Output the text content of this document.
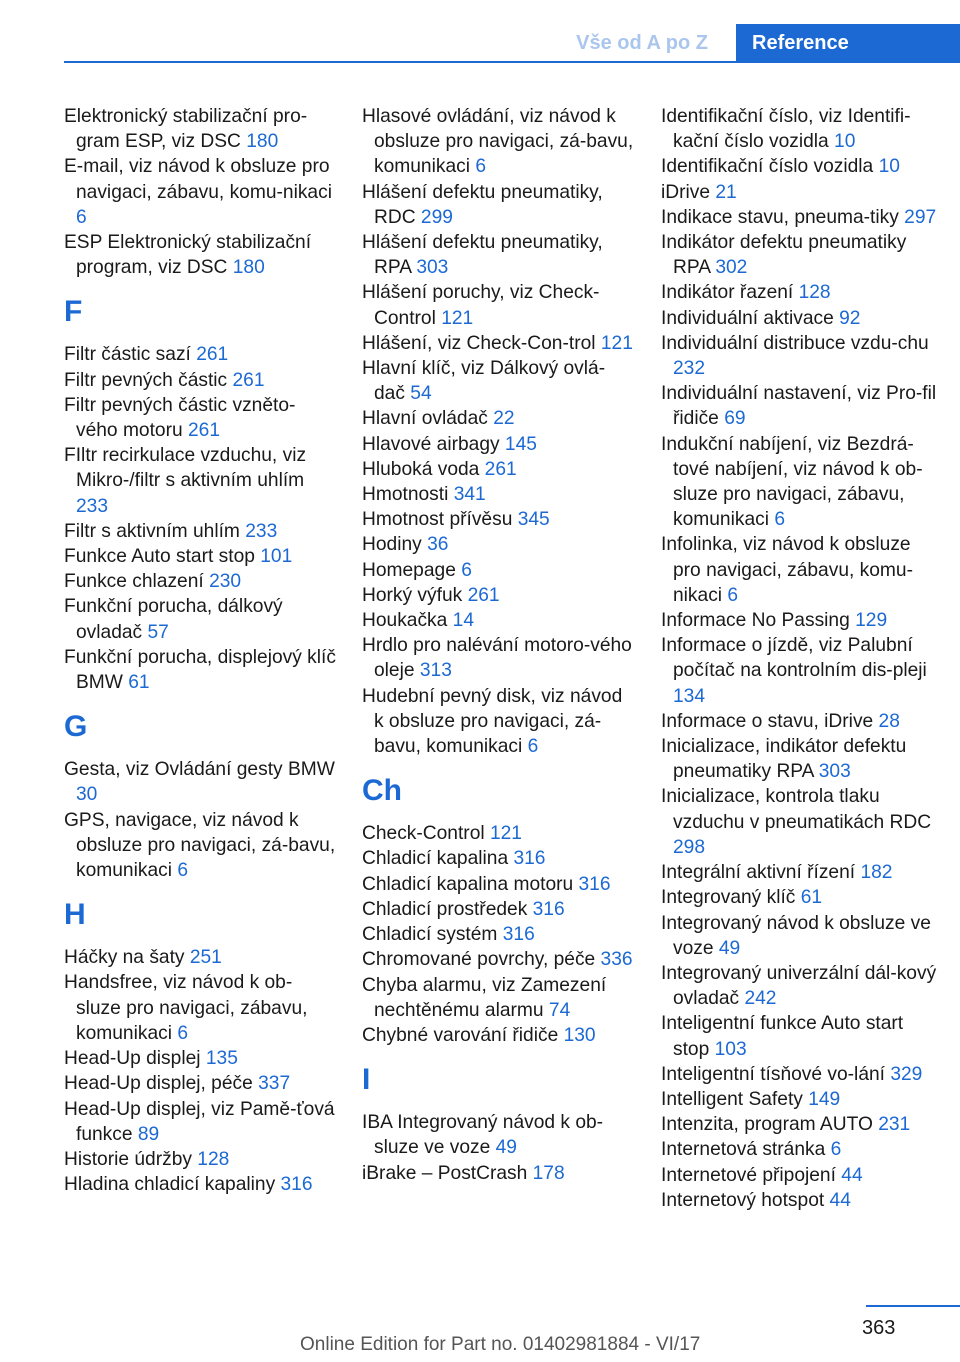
Vše od A po Z	Reference
Elektronický stabilizační pro-gram ESP, viz DSC 180
E-mail, viz návod k obsluze pro navigaci, zábavu, komu-nikaci 6
ESP Elektronický stabilizační program, viz DSC 180
F
Filtr částic sazí 261
Filtr pevných částic 261
Filtr pevných částic vzněto-vého motoru 261
FIltr recirkulace vzduchu, viz Mikro-/filtr s aktivním uhlím 233
Filtr s aktivním uhlím 233
Funkce Auto start stop 101
Funkce chlazení 230
Funkční porucha, dálkový ovladač 57
Funkční porucha, displejový klíč BMW 61
G
Gesta, viz Ovládání gesty BMW 30
GPS, navigace, viz návod k obsluze pro navigaci, zá-bavu, komunikaci 6
H
Háčky na šaty 251
Handsfree, viz návod k ob-sluze pro navigaci, zábavu, komunikaci 6
Head-Up displej 135
Head-Up displej, péče 337
Head-Up displej, viz Pamě-ťová funkce 89
Historie údržby 128
Hladina chladicí kapaliny 316
Hlasové ovládání, viz návod k obsluze pro navigaci, zá-bavu, komunikaci 6
Hlášení defektu pneumatiky, RDC 299
Hlášení defektu pneumatiky, RPA 303
Hlášení poruchy, viz Check-Control 121
Hlášení, viz Check-Con-trol 121
Hlavní klíč, viz Dálkový ovlá-dač 54
Hlavní ovládač 22
Hlavové airbagy 145
Hluboká voda 261
Hmotnosti 341
Hmotnost přívěsu 345
Hodiny 36
Homepage 6
Horký výfuk 261
Houkačka 14
Hrdlo pro nalévání motoro-vého oleje 313
Hudební pevný disk, viz návod k obsluze pro navigaci, zá-bavu, komunikaci 6
Ch
Check-Control 121
Chladicí kapalina 316
Chladicí kapalina motoru 316
Chladicí prostředek 316
Chladicí systém 316
Chromované povrchy, péče 336
Chyba alarmu, viz Zamezení nechtěnému alarmu 74
Chybné varování řidiče 130
I
IBA Integrovaný návod k ob-sluze ve voze 49
iBrake – PostCrash 178
Identifikační číslo, viz Identifi-kační číslo vozidla 10
Identifikační číslo vozidla 10
iDrive 21
Indikace stavu, pneuma-tiky 297
Indikátor defektu pneumatiky RPA 302
Indikátor řazení 128
Individuální aktivace 92
Individuální distribuce vzdu-chu 232
Individuální nastavení, viz Pro-fil řidiče 69
Indukční nabíjení, viz Bezdrá-tové nabíjení, viz návod k ob-sluze pro navigaci, zábavu, komunikaci 6
Infolinka, viz návod k obsluze pro navigaci, zábavu, komu-nikaci 6
Informace No Passing 129
Informace o jízdě, viz Palubní počítač na kontrolním dis-pleji 134
Informace o stavu, iDrive 28
Inicializace, indikátor defektu pneumatiky RPA 303
Inicializace, kontrola tlaku vzduchu v pneumatikách RDC 298
Integrální aktivní řízení 182
Integrovaný klíč 61
Integrovaný návod k obsluze ve voze 49
Integrovaný univerzální dál-kový ovladač 242
Inteligentní funkce Auto start stop 103
Inteligentní tísňové vo-lání 329
Intelligent Safety 149
Intenzita, program AUTO 231
Internetová stránka 6
Internetové připojení 44
Internetový hotspot 44
363
Online Edition for Part no. 01402981884 - VI/17
